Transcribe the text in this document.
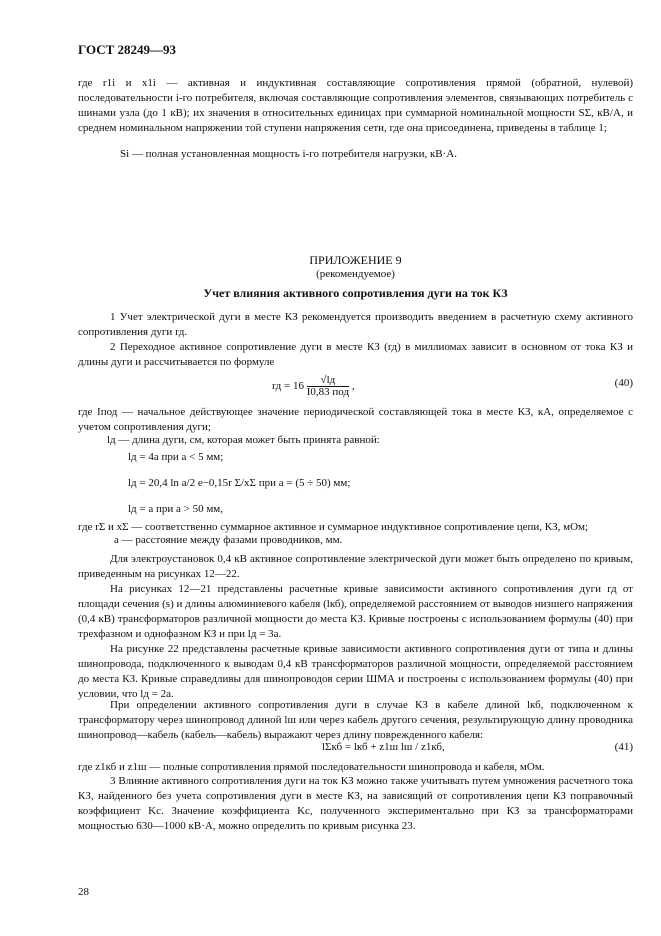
ГОСТ 28249—93
где r1i и x1i — активная и индуктивная составляющие сопротивления прямой (обратной, нулевой) последовательности i-го потребителя, включая составляющие сопротивления элементов, связывающих потребитель с шинами узла (до 1 кВ); их значения в относительных единицах при суммарной номинальной мощности SΣ, кВ/А, и среднем номинальном напряжении той ступени напряжения сети, где она присоединена, приведены в таблице 1;
Si — полная установленная мощность i-го потребителя нагрузки, кВ·А.
ПРИЛОЖЕНИЕ 9
(рекомендуемое)
Учет влияния активного сопротивления дуги на ток КЗ
1 Учет электрической дуги в месте КЗ рекомендуется производить введением в расчетную схему активного сопротивления дуги rд.
2 Переходное активное сопротивление дуги в месте КЗ (rд) в миллиомах зависит в основном от тока КЗ и длины дуги и рассчитывается по формуле
rд = $16 \frac{√lд}{\text{I0,83 под}}$ ,	(40)
где Iпод — начальное действующее значение периодической составляющей тока в месте КЗ, кА, определяемое с учетом сопротивления дуги;
lд — длина дуги, см, которая может быть принята равной:
lд = 4a при a < 5 мм;
lд = 20,4 ln a/2 e−0,15r Σ/xΣ при a = (5 ÷ 50) мм;
lд = a при a > 50 мм,
где rΣ и xΣ — соответственно суммарное активное и суммарное индуктивное сопротивление цепи, КЗ, мОм;
a — расстояние между фазами проводников, мм.
Для электроустановок 0,4 кВ активное сопротивление электрической дуги может быть определено по кривым, приведенным на рисунках 12—22.
На рисунках 12—21 представлены расчетные кривые зависимости активного сопротивления дуги rд от площади сечения (s) и длины алюминиевого кабеля (lкб), определяемой расстоянием от выводов низшего напряжения (0,4 кВ) трансформаторов различной мощности до места КЗ. Кривые построены с использованием формулы (40) при трехфазном и однофазном КЗ и при lд = 3a.
На рисунке 22 представлены расчетные кривые зависимости активного сопротивления дуги от типа и длины шинопровода, подключенного к выводам 0,4 кВ трансформаторов различной мощности, определяемой расстоянием до места КЗ. Кривые справедливы для шинопроводов серии ШМА и построены с использованием формулы (40) при условии, что lд = 2a.
При определении активного сопротивления дуги в случае КЗ в кабеле длиной lкб, подключенном к трансформатору через шинопровод длиной lш или через кабель другого сечения, результирующую длину проводника шинопровод—кабель (кабель—кабель) выражают через длину поврежденного кабеля:
lΣкб = lкб + z1ш lш / z1кб,	(41)
где z1кб и z1ш — полные сопротивления прямой последовательности шинопровода и кабеля, мОм.
3 Влияние активного сопротивления дуги на ток КЗ можно также учитывать путем умножения расчетного тока КЗ, найденного без учета сопротивления дуги в месте КЗ, на зависящий от сопротивления цепи КЗ поправочный коэффициент Kс. Значение коэффициента Kс, полученного экспериментально при КЗ за трансформаторами мощностью 630—1000 кВ·А, можно определить по кривым рисунка 23.
28
